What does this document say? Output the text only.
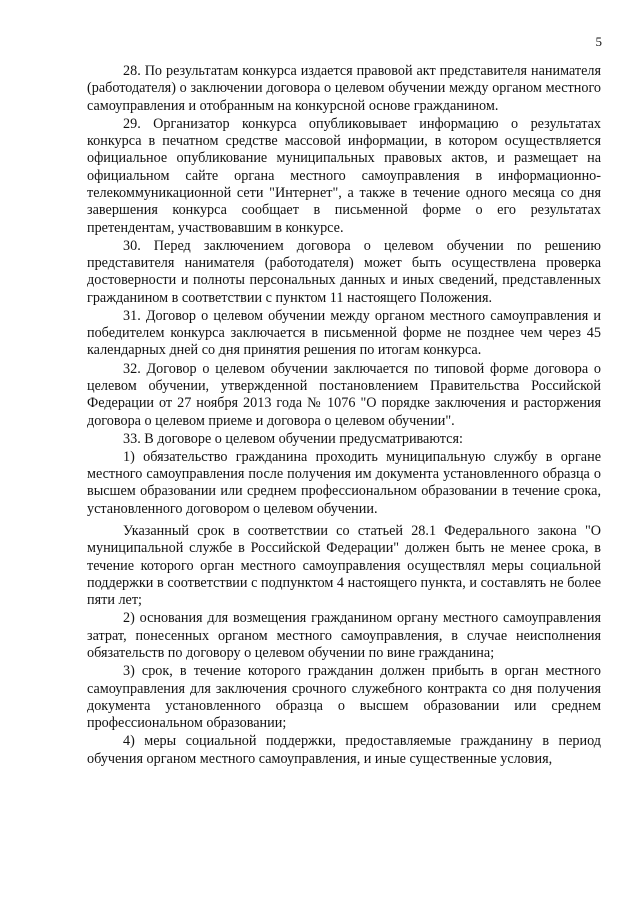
5

28. По результатам конкурса издается правовой акт представителя нанимателя (работодателя) о заключении договора о целевом обучении между органом местного самоуправления и отобранным на конкурсной основе гражданином.

29. Организатор конкурса опубликовывает информацию о результатах конкурса в печатном средстве массовой информации, в котором осуществляется официальное опубликование муниципальных правовых актов, и размещает на официальном сайте органа местного самоуправления в информационно-телекоммуникационной сети "Интернет", а также в течение одного месяца со дня завершения конкурса сообщает в письменной форме о его результатах претендентам, участвовавшим в конкурсе.

30. Перед заключением договора о целевом обучении по решению представителя нанимателя (работодателя) может быть осуществлена проверка достоверности и полноты персональных данных и иных сведений, представленных гражданином в соответствии с пунктом 11 настоящего Положения.

31. Договор о целевом обучении между органом местного самоуправления и победителем конкурса заключается в письменной форме не позднее чем через 45 календарных дней со дня принятия решения по итогам конкурса.

32. Договор о целевом обучении заключается по типовой форме договора о целевом обучении, утвержденной постановлением Правительства Российской Федерации от 27 ноября 2013 года № 1076 "О порядке заключения и расторжения договора о целевом приеме и договора о целевом обучении".

33. В договоре о целевом обучении предусматриваются:

1) обязательство гражданина проходить муниципальную службу в органе местного самоуправления после получения им документа установленного образца о высшем образовании или среднем профессиональном образовании в течение срока, установленного договором о целевом обучении.

Указанный срок в соответствии со статьей 28.1 Федерального закона "О муниципальной службе в Российской Федерации" должен быть не менее срока, в течение которого орган местного самоуправления осуществлял меры социальной поддержки в соответствии с подпунктом 4 настоящего пункта, и составлять не более пяти лет;

2) основания для возмещения гражданином органу местного самоуправления затрат, понесенных органом местного самоуправления, в случае неисполнения обязательств по договору о целевом обучении по вине гражданина;

3) срок, в течение которого гражданин должен прибыть в орган местного самоуправления для заключения срочного служебного контракта со дня получения документа установленного образца о высшем образовании или среднем профессиональном образовании;

4) меры социальной поддержки, предоставляемые гражданину в период обучения органом местного самоуправления, и иные существенные условия,
